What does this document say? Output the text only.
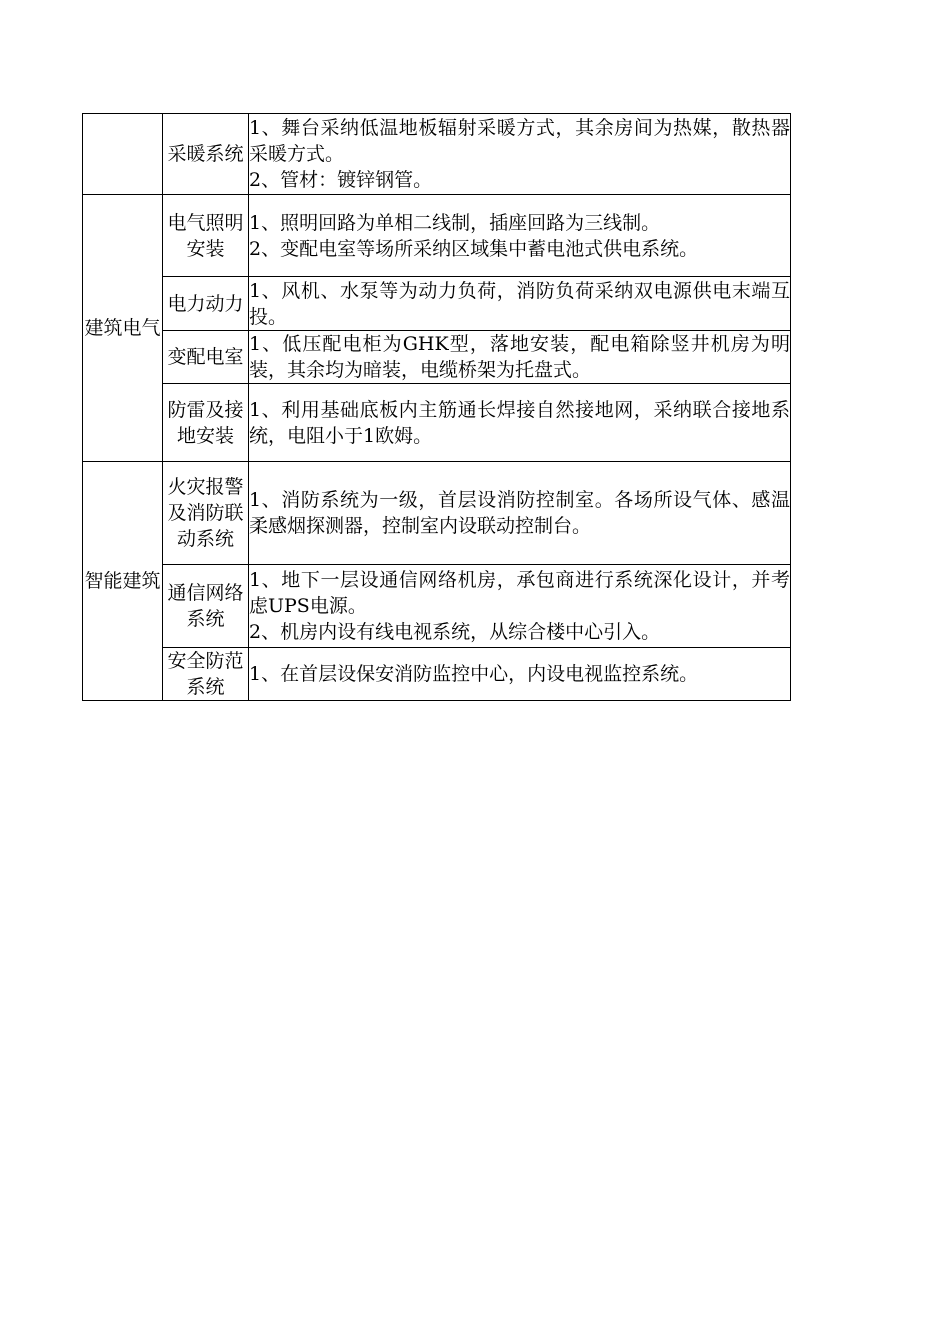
	采暖系统	1、舞台采纳低温地板辐射采暖方式，其余房间为热媒，散热器采暖方式。
2、管材：镀锌钢管。

建筑电气	电气照明安装	1、照明回路为单相二线制，插座回路为三线制。
2、变配电室等场所采纳区域集中蓄电池式供电系统。

	电力动力	1、风机、水泵等为动力负荷，消防负荷采纳双电源供电末端互投。

	变配电室	1、低压配电柜为GHK型，落地安装，配电箱除竖井机房为明装，其余均为暗装，电缆桥架为托盘式。

	防雷及接地安装	1、利用基础底板内主筋通长焊接自然接地网，采纳联合接地系统，电阻小于1欧姆。

智能建筑	火灾报警及消防联动系统	1、消防系统为一级，首层设消防控制室。各场所设气体、感温柔感烟探测器，控制室内设联动控制台。

	通信网络系统	1、地下一层设通信网络机房，承包商进行系统深化设计，并考虑UPS电源。
2、机房内设有线电视系统，从综合楼中心引入。

	安全防范系统	1、在首层设保安消防监控中心，内设电视监控系统。
